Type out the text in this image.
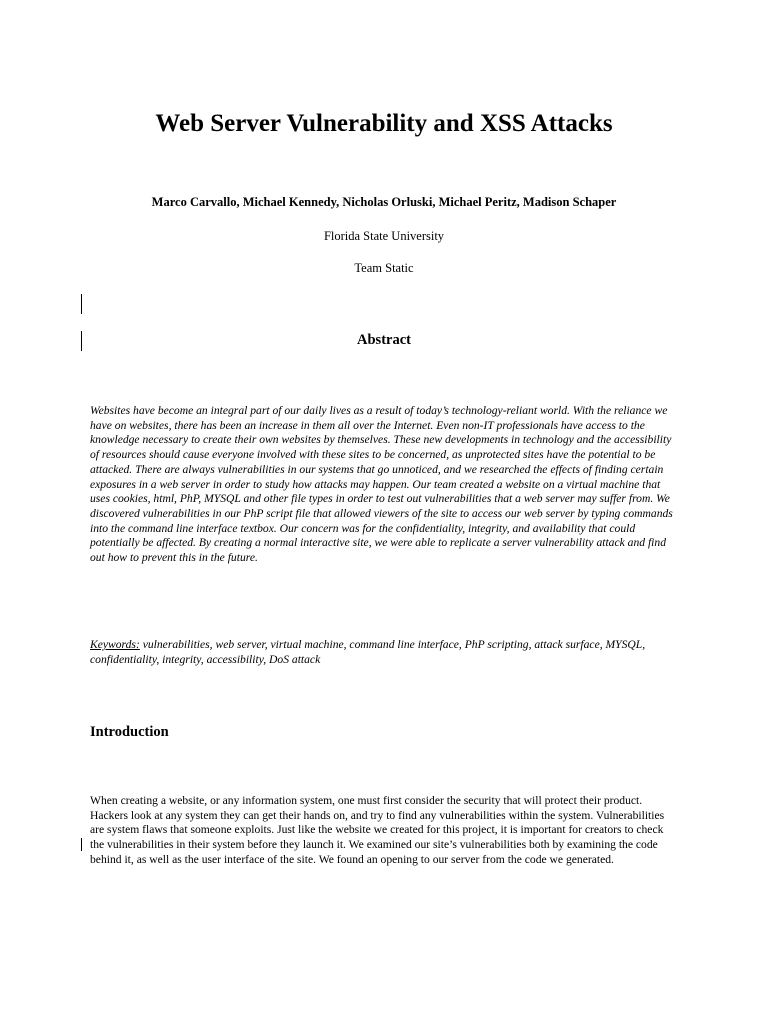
Web Server Vulnerability and XSS Attacks
Marco Carvallo, Michael Kennedy, Nicholas Orluski, Michael Peritz, Madison Schaper
Florida State University
Team Static
Abstract
Websites have become an integral part of our daily lives as a result of today’s technology-reliant world. With the reliance we have on websites, there has been an increase in them all over the Internet. Even non-IT professionals have access to the knowledge necessary to create their own websites by themselves. These new developments in technology and the accessibility of resources should cause everyone involved with these sites to be concerned, as unprotected sites have the potential to be attacked. There are always vulnerabilities in our systems that go unnoticed, and we researched the effects of finding certain exposures in a web server in order to study how attacks may happen. Our team created a website on a virtual machine that uses cookies, html, PhP, MYSQL and other file types in order to test out vulnerabilities that a web server may suffer from. We discovered vulnerabilities in our PhP script file that allowed viewers of the site to access our web server by typing commands into the command line interface textbox. Our concern was for the confidentiality, integrity, and availability that could potentially be affected. By creating a normal interactive site, we were able to replicate a server vulnerability attack and find out how to prevent this in the future.
Keywords: vulnerabilities, web server, virtual machine, command line interface, PhP scripting, attack surface, MYSQL, confidentiality, integrity, accessibility, DoS attack
Introduction
When creating a website, or any information system, one must first consider the security that will protect their product. Hackers look at any system they can get their hands on, and try to find any vulnerabilities within the system. Vulnerabilities are system flaws that someone exploits. Just like the website we created for this project, it is important for creators to check the vulnerabilities in their system before they launch it. We examined our site’s vulnerabilities both by examining the code behind it, as well as the user interface of the site. We found an opening to our server from the code we generated.
